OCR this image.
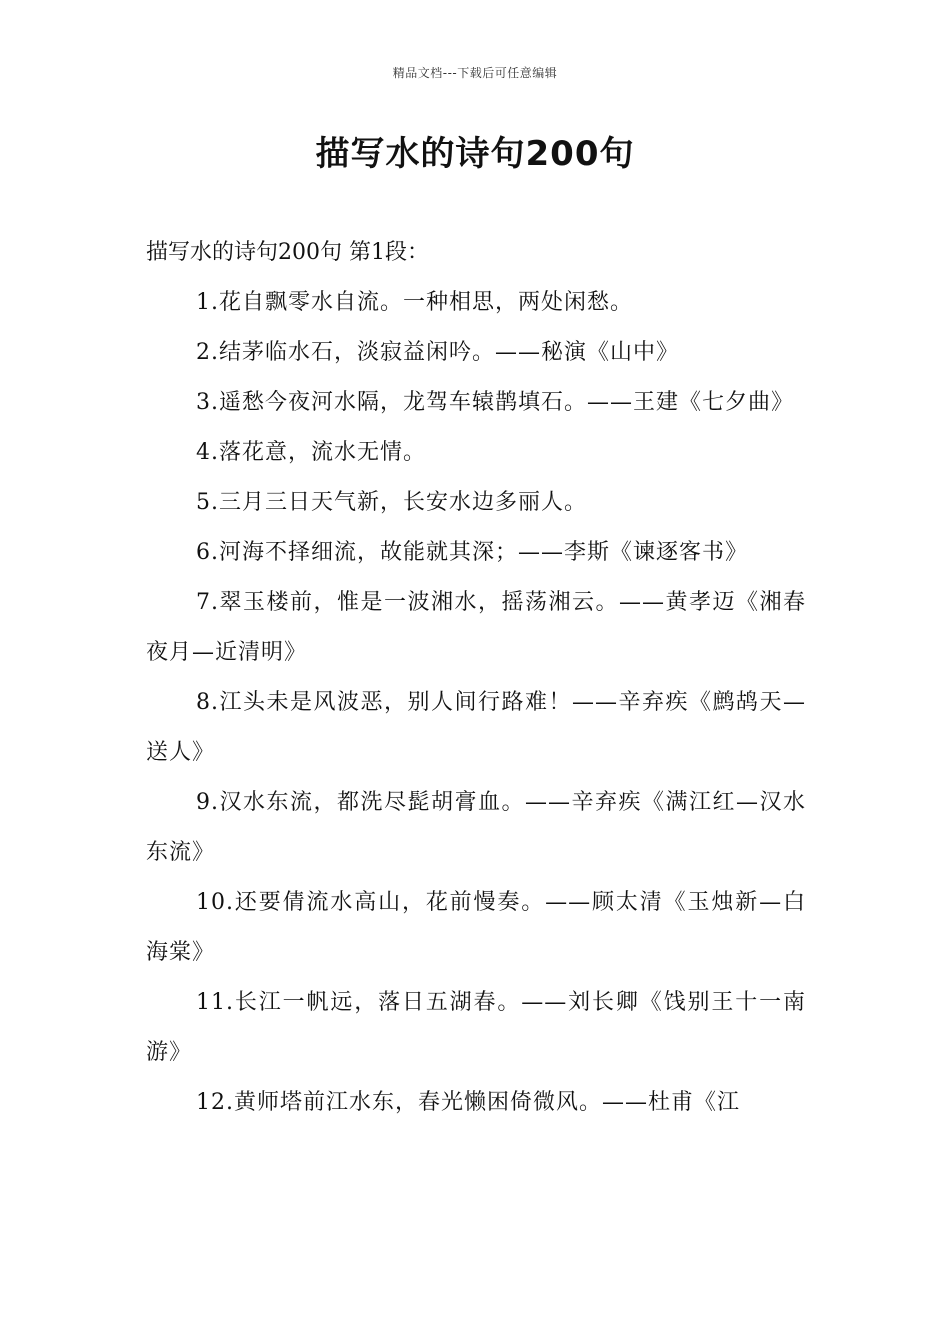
精品文档---下载后可任意编辑
描写水的诗句200句

描写水的诗句200句 第1段：

1.花自飘零水自流。一种相思，两处闲愁。

2.结茅临水石，淡寂益闲吟。——秘演《山中》

3.遥愁今夜河水隔，龙驾车辕鹊填石。——王建《七夕曲》

4.落花意，流水无情。

5.三月三日天气新，长安水边多丽人。

6.河海不择细流，故能就其深；——李斯《谏逐客书》

7.翠玉楼前，惟是一波湘水，摇荡湘云。——黄孝迈《湘春夜月—近清明》

8.江头未是风波恶，别人间行路难！——辛弃疾《鹧鸪天—送人》

9.汉水东流，都洗尽髭胡膏血。——辛弃疾《满江红—汉水东流》

10.还要倩流水高山，花前慢奏。——顾太清《玉烛新—白海棠》

11.长江一帆远，落日五湖春。——刘长卿《饯别王十一南游》

12.黄师塔前江水东，春光懒困倚微风。——杜甫《江
